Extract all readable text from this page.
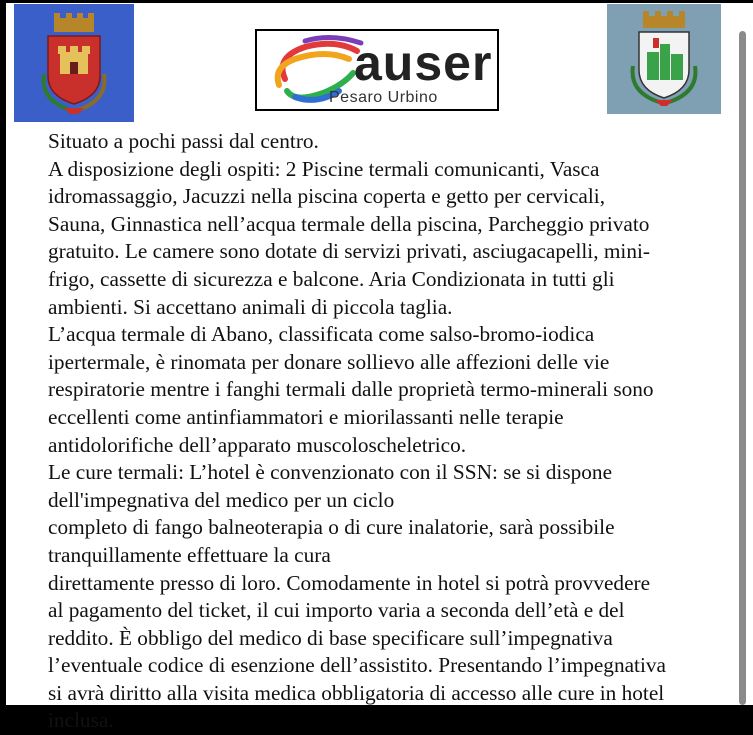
auser
Pesaro Urbino

Situato a pochi passi dal centro.

A disposizione degli ospiti: 2 Piscine termali comunicanti, Vasca

idromassaggio, Jacuzzi nella piscina coperta e getto per cervicali,

Sauna, Ginnastica nell’acqua termale della piscina, Parcheggio privato

gratuito. Le camere sono dotate di servizi privati, asciugacapelli, mini-

frigo, cassette di sicurezza e balcone. Aria Condizionata in tutti gli

ambienti. Si accettano animali di piccola taglia.

L’acqua termale di Abano, classificata come salso-bromo-iodica

ipertermale, è rinomata per donare sollievo alle affezioni delle vie

respiratorie mentre i fanghi termali dalle proprietà termo-minerali sono

eccellenti come antinfiammatori e miorilassanti nelle terapie

antidolorifiche dell’apparato muscoloscheletrico.

Le cure termali: L’hotel è convenzionato con il SSN: se si dispone

dell'impegnativa del medico per un ciclo

completo di fango balneoterapia o di cure inalatorie, sarà possibile

tranquillamente effettuare la cura

direttamente presso di loro. Comodamente in hotel si potrà provvedere

al pagamento del ticket, il cui importo varia a seconda dell’età e del

reddito. È obbligo del medico di base specificare sull’impegnativa

l’eventuale codice di esenzione dell’assistito. Presentando l’impegnativa

si avrà diritto alla visita medica obbligatoria di accesso alle cure in hotel

inclusa.
